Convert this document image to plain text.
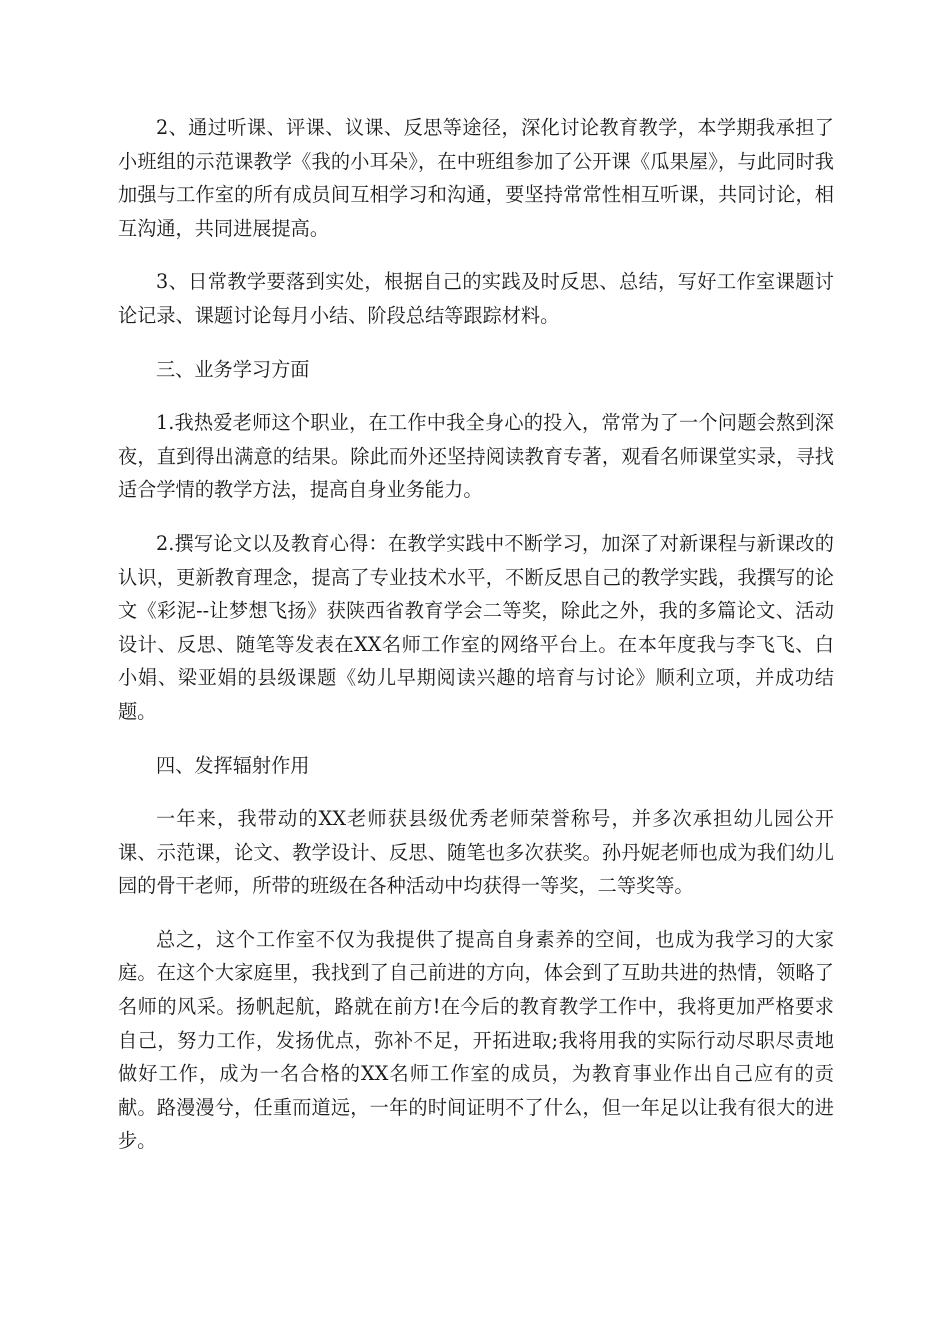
2、通过听课、评课、议课、反思等途径，深化讨论教育教学，本学期我承担了小班组的示范课教学《我的小耳朵》，在中班组参加了公开课《瓜果屋》，与此同时我加强与工作室的所有成员间互相学习和沟通，要坚持常常性相互听课，共同讨论，相互沟通，共同进展提高。

3、日常教学要落到实处，根据自己的实践及时反思、总结，写好工作室课题讨论记录、课题讨论每月小结、阶段总结等跟踪材料。

三、业务学习方面

1.我热爱老师这个职业，在工作中我全身心的投入，常常为了一个问题会熬到深夜，直到得出满意的结果。除此而外还坚持阅读教育专著，观看名师课堂实录，寻找适合学情的教学方法，提高自身业务能力。

2.撰写论文以及教育心得：在教学实践中不断学习，加深了对新课程与新课改的认识，更新教育理念，提高了专业技术水平，不断反思自己的教学实践，我撰写的论文《彩泥--让梦想飞扬》获陕西省教育学会二等奖，除此之外，我的多篇论文、活动设计、反思、随笔等发表在XX名师工作室的网络平台上。在本年度我与李飞飞、白小娟、梁亚娟的县级课题《幼儿早期阅读兴趣的培育与讨论》顺利立项，并成功结题。

四、发挥辐射作用

一年来，我带动的XX老师获县级优秀老师荣誉称号，并多次承担幼儿园公开课、示范课，论文、教学设计、反思、随笔也多次获奖。孙丹妮老师也成为我们幼儿园的骨干老师，所带的班级在各种活动中均获得一等奖，二等奖等。

总之，这个工作室不仅为我提供了提高自身素养的空间，也成为我学习的大家庭。在这个大家庭里，我找到了自己前进的方向，体会到了互助共进的热情，领略了名师的风采。扬帆起航，路就在前方!在今后的教育教学工作中，我将更加严格要求自己，努力工作，发扬优点，弥补不足，开拓进取;我将用我的实际行动尽职尽责地做好工作，成为一名合格的XX名师工作室的成员，为教育事业作出自己应有的贡献。路漫漫兮，任重而道远，一年的时间证明不了什么，但一年足以让我有很大的进步。
